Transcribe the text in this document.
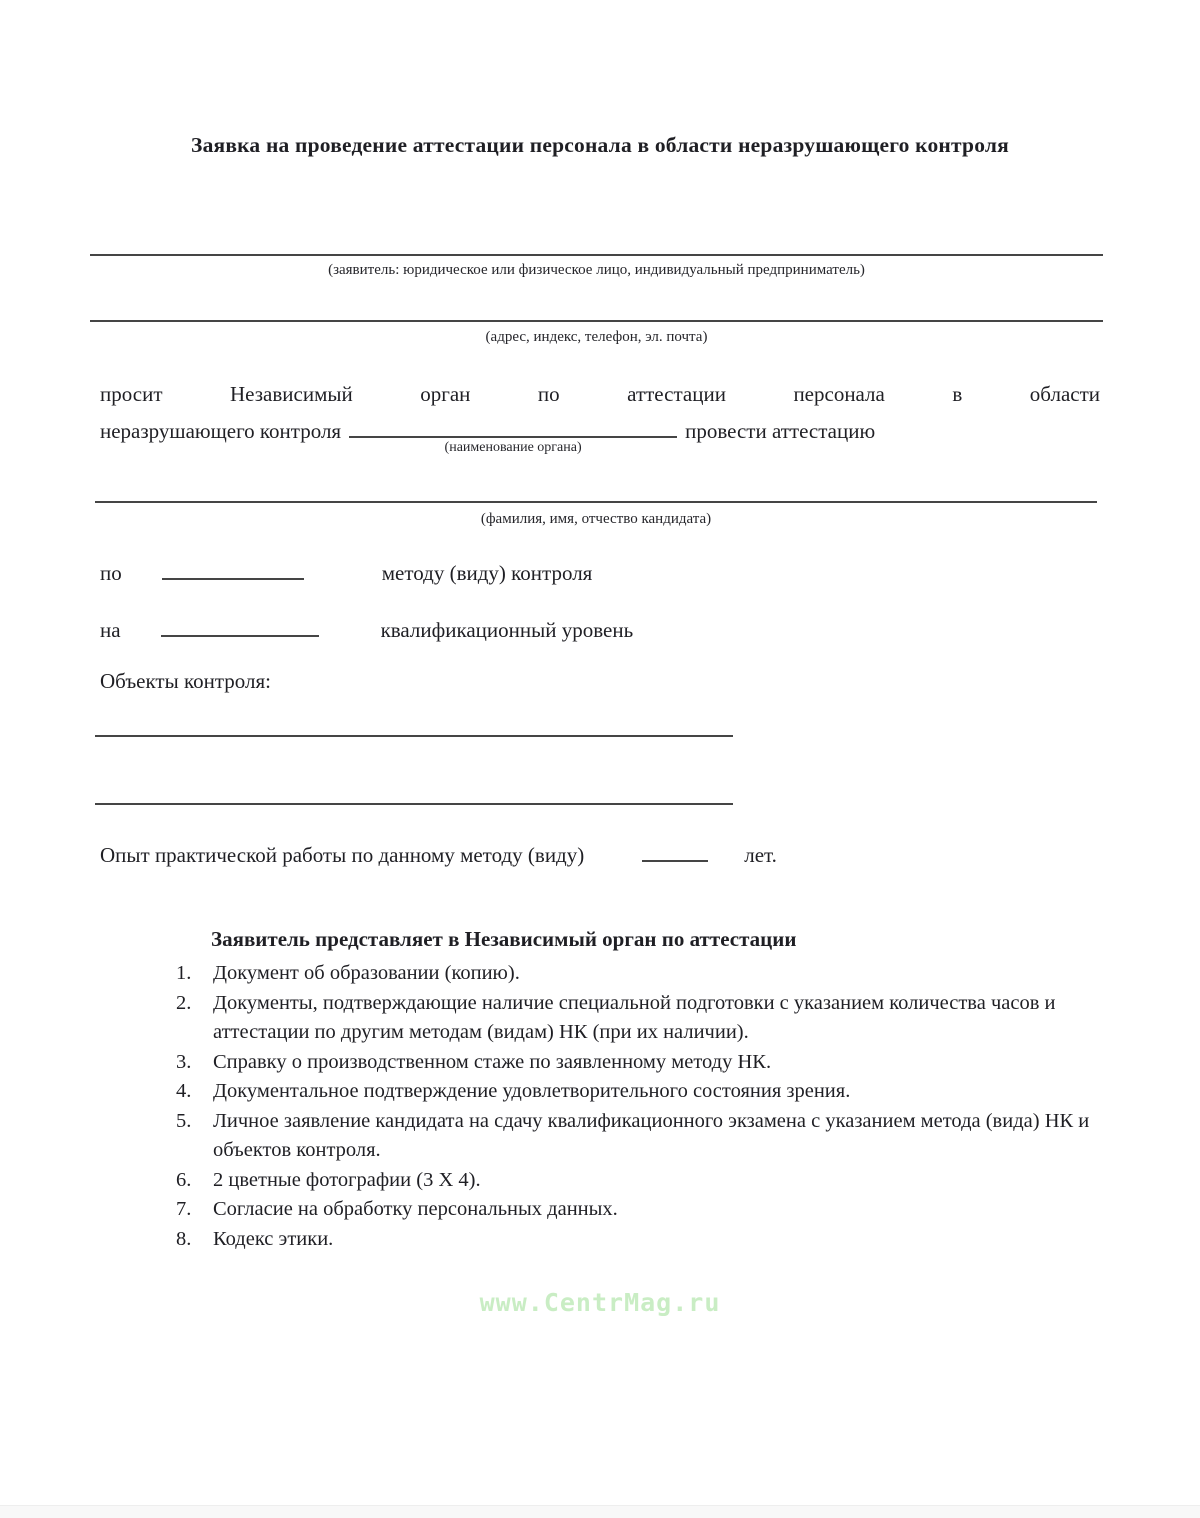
Заявка на проведение аттестации персонала в области неразрушающего контроля
(заявитель: юридическое или физическое лицо, индивидуальный предприниматель)
(адрес, индекс, телефон, эл. почта)
просит Независимый орган по аттестации персонала в области
неразрушающего контроля
(наименование органа)
провести аттестацию
(фамилия, имя, отчество кандидата)
по	методу (виду) контроля
на	квалификационный уровень
Объекты контроля:
Опыт практической работы по данному методу (виду)	лет.
Заявитель представляет в Независимый орган по аттестации
1.	Документ об образовании (копию).
2.	Документы, подтверждающие наличие специальной подготовки с указанием количества часов и аттестации по другим методам (видам) НК (при их наличии).
3.	Справку о производственном стаже по заявленному методу НК.
4.	Документальное подтверждение удовлетворительного состояния зрения.
5.	Личное заявление кандидата на сдачу квалификационного экзамена с указанием метода (вида) НК и объектов контроля.
6.	2 цветные фотографии (3 X 4).
7.	Согласие на обработку персональных данных.
8.	Кодекс этики.
www.CentrMag.ru
